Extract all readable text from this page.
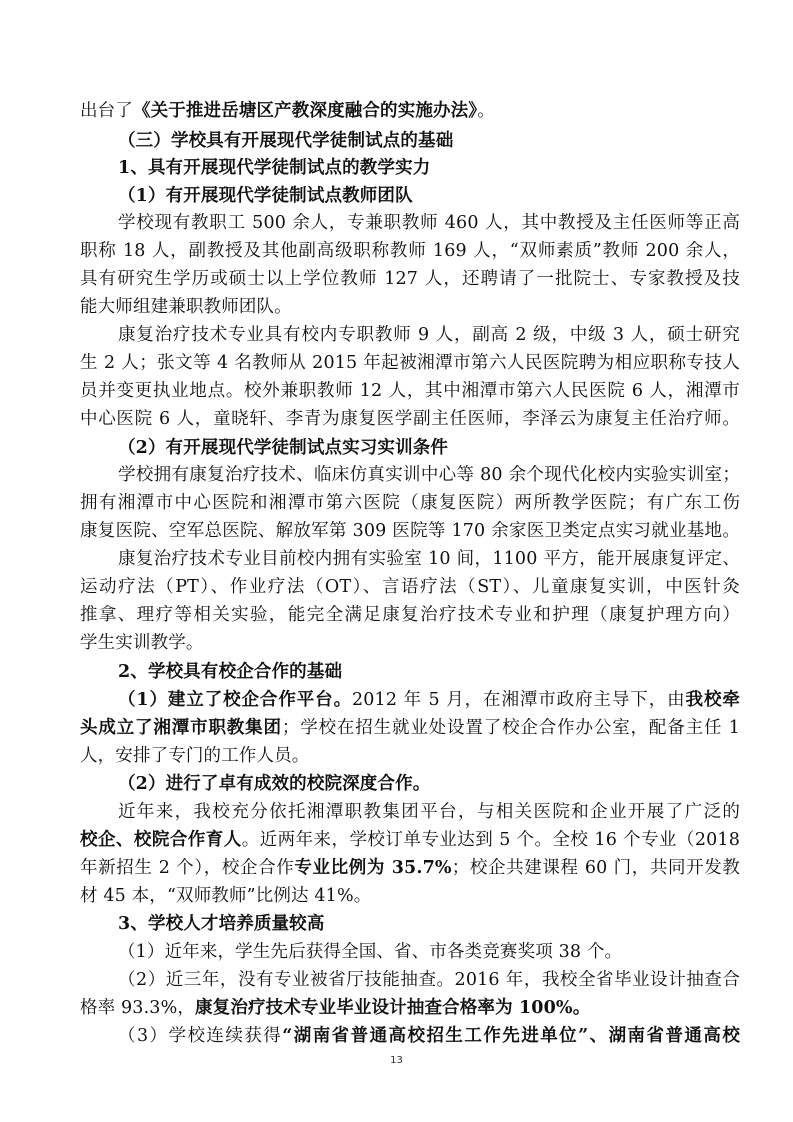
出台了《关于推进岳塘区产教深度融合的实施办法》。
（三）学校具有开展现代学徒制试点的基础
1、具有开展现代学徒制试点的教学实力
（1）有开展现代学徒制试点教师团队
学校现有教职工 500 余人，专兼职教师 460 人，其中教授及主任医师等正高
职称 18 人，副教授及其他副高级职称教师 169 人，“双师素质”教师 200 余人，
具有研究生学历或硕士以上学位教师 127 人，还聘请了一批院士、专家教授及技
能大师组建兼职教师团队。
康复治疗技术专业具有校内专职教师 9 人，副高 2 级，中级 3 人，硕士研究
生 2 人；张文等 4 名教师从 2015 年起被湘潭市第六人民医院聘为相应职称专技人
员并变更执业地点。校外兼职教师 12 人，其中湘潭市第六人民医院 6 人，湘潭市
中心医院 6 人，童晓轩、李青为康复医学副主任医师，李泽云为康复主任治疗师。
（2）有开展现代学徒制试点实习实训条件
学校拥有康复治疗技术、临床仿真实训中心等 80 余个现代化校内实验实训室；
拥有湘潭市中心医院和湘潭市第六医院（康复医院）两所教学医院；有广东工伤
康复医院、空军总医院、解放军第 309 医院等 170 余家医卫类定点实习就业基地。
康复治疗技术专业目前校内拥有实验室 10 间，1100 平方，能开展康复评定、
运动疗法（PT）、作业疗法（OT）、言语疗法（ST）、儿童康复实训，中医针灸
推拿、理疗等相关实验，能完全满足康复治疗技术专业和护理（康复护理方向）
学生实训教学。
2、学校具有校企合作的基础
（1）建立了校企合作平台。2012 年 5 月，在湘潭市政府主导下，由我校牵
头成立了湘潭市职教集团；学校在招生就业处设置了校企合作办公室，配备主任 1
人，安排了专门的工作人员。
（2）进行了卓有成效的校院深度合作。
近年来，我校充分依托湘潭职教集团平台，与相关医院和企业开展了广泛的
校企、校院合作育人。近两年来，学校订单专业达到 5 个。全校 16 个专业（2018
年新招生 2 个），校企合作专业比例为 35.7%；校企共建课程 60 门，共同开发教
材 45 本，“双师教师”比例达 41%。
3、学校人才培养质量较高
（1）近年来，学生先后获得全国、省、市各类竞赛奖项 38 个。
（2）近三年，没有专业被省厅技能抽查。2016 年，我校全省毕业设计抽查合
格率 93.3%，康复治疗技术专业毕业设计抽查合格率为 100%。
（3）学校连续获得“湖南省普通高校招生工作先进单位”、湖南省普通高校
13
